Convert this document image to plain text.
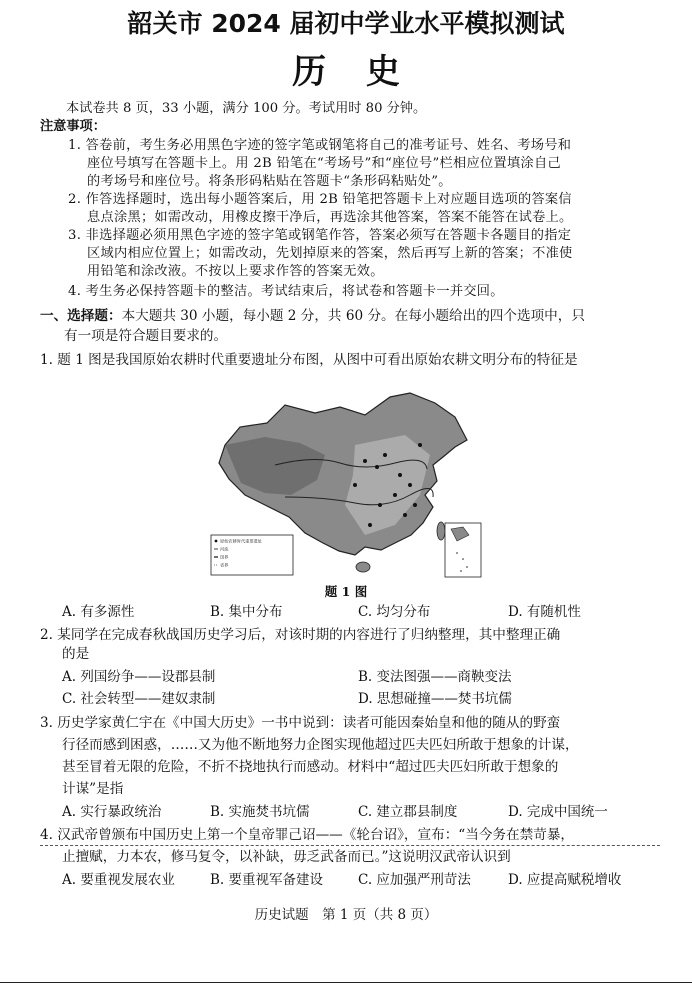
韶关市 2024 届初中学业水平模拟测试
历 史
本试卷共 8 页，33 小题，满分 100 分。考试用时 80 分钟。
注意事项：
1. 答卷前，考生务必用黑色字迹的签字笔或钢笔将自己的准考证号、姓名、考场号和
座位号填写在答题卡上。用 2B 铅笔在“考场号”和“座位号”栏相应位置填涂自己
的考场号和座位号。将条形码粘贴在答题卡“条形码粘贴处”。
2. 作答选择题时，选出每小题答案后，用 2B 铅笔把答题卡上对应题目选项的答案信
息点涂黑；如需改动，用橡皮擦干净后，再选涂其他答案，答案不能答在试卷上。
3. 非选择题必须用黑色字迹的签字笔或钢笔作答，答案必须写在答题卡各题目的指定
区域内相应位置上；如需改动，先划掉原来的答案，然后再写上新的答案；不准使
用铅笔和涂改液。不按以上要求作答的答案无效。
4. 考生务必保持答题卡的整洁。考试结束后，将试卷和答题卡一并交回。
一、选择题：本大题共 30 小题，每小题 2 分，共 60 分。在每小题给出的四个选项中，只
有一项是符合题目要求的。
1. 题 1 图是我国原始农耕时代重要遗址分布图，从图中可看出原始农耕文明分布的特征是
原始农耕时代重要遗址
河流
国界
省界
题 1 图
A. 有多源性	B. 集中分布	C. 均匀分布	D. 有随机性
2. 某同学在完成春秋战国历史学习后，对该时期的内容进行了归纳整理，其中整理正确
的是
A. 列国纷争——设郡县制	B. 变法图强——商鞅变法
C. 社会转型——建奴隶制	D. 思想碰撞——焚书坑儒
3. 历史学家黄仁宇在《中国大历史》一书中说到：读者可能因秦始皇和他的随从的野蛮
行径而感到困惑，……又为他不断地努力企图实现他超过匹夫匹妇所敢于想象的计谋，
甚至冒着无限的危险，不折不挠地执行而感动。材料中“超过匹夫匹妇所敢于想象的
计谋”是指
A. 实行暴政统治	B. 实施焚书坑儒	C. 建立郡县制度	D. 完成中国统一
4. 汉武帝曾颁布中国历史上第一个皇帝罪己诏——《轮台诏》，宣布：“当今务在禁苛暴，
止擅赋，力本农，修马复令，以补缺，毋乏武备而已。”这说明汉武帝认识到
A. 要重视发展农业	B. 要重视军备建设	C. 应加强严刑苛法	D. 应提高赋税增收
历史试题　第 1 页（共 8 页）
